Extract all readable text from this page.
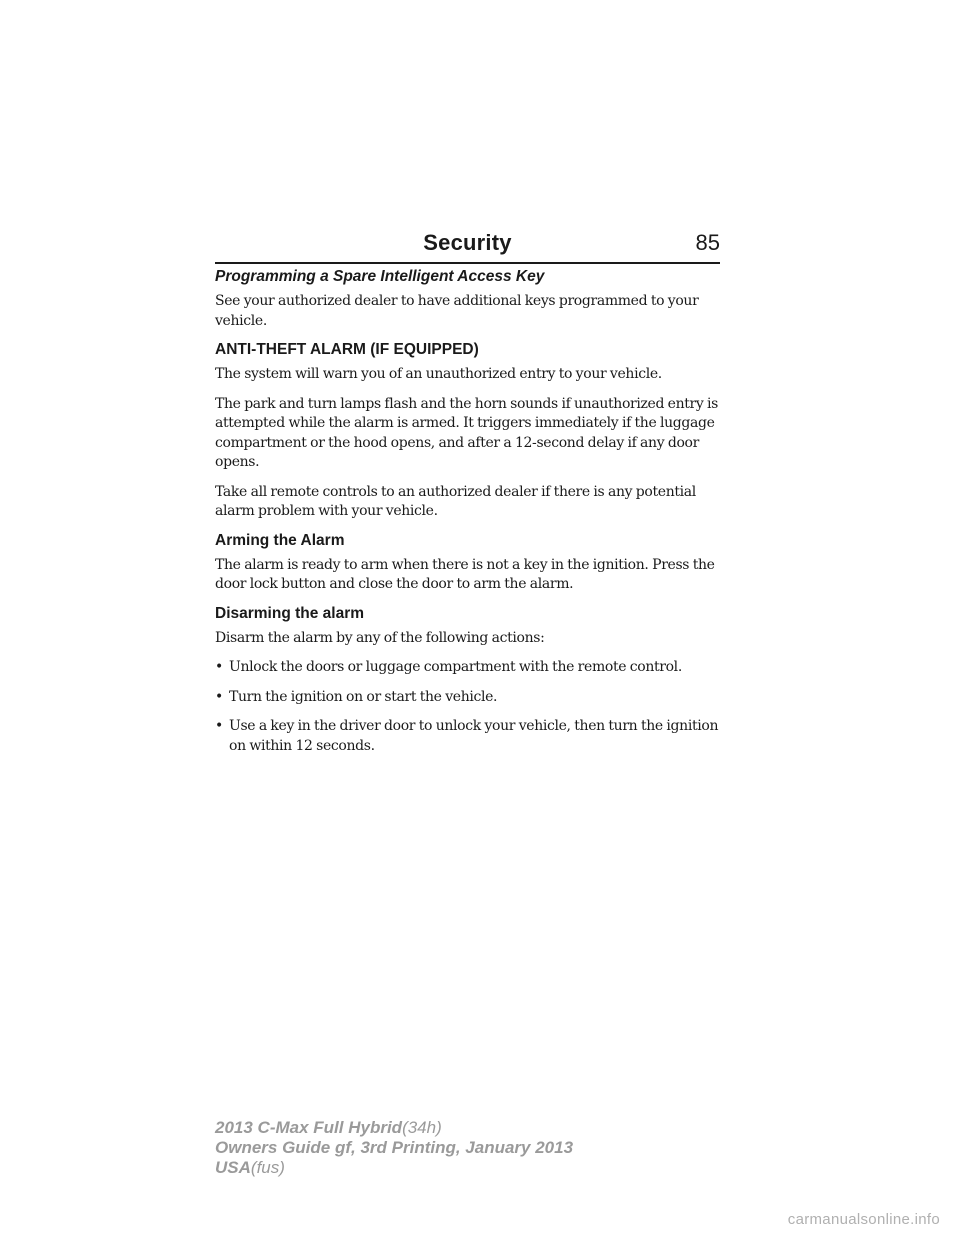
Security	85
Programming a Spare Intelligent Access Key

See your authorized dealer to have additional keys programmed to your vehicle.

ANTI-THEFT ALARM (IF EQUIPPED)

The system will warn you of an unauthorized entry to your vehicle.

The park and turn lamps flash and the horn sounds if unauthorized entry is attempted while the alarm is armed. It triggers immediately if the luggage compartment or the hood opens, and after a 12-second delay if any door opens.

Take all remote controls to an authorized dealer if there is any potential alarm problem with your vehicle.

Arming the Alarm

The alarm is ready to arm when there is not a key in the ignition. Press the door lock button and close the door to arm the alarm.

Disarming the alarm

Disarm the alarm by any of the following actions:

• Unlock the doors or luggage compartment with the remote control.
• Turn the ignition on or start the vehicle.
• Use a key in the driver door to unlock your vehicle, then turn the ignition on within 12 seconds.
2013 C-Max Full Hybrid(34h)
Owners Guide gf, 3rd Printing, January 2013
USA(fus)
carmanualsonline.info
